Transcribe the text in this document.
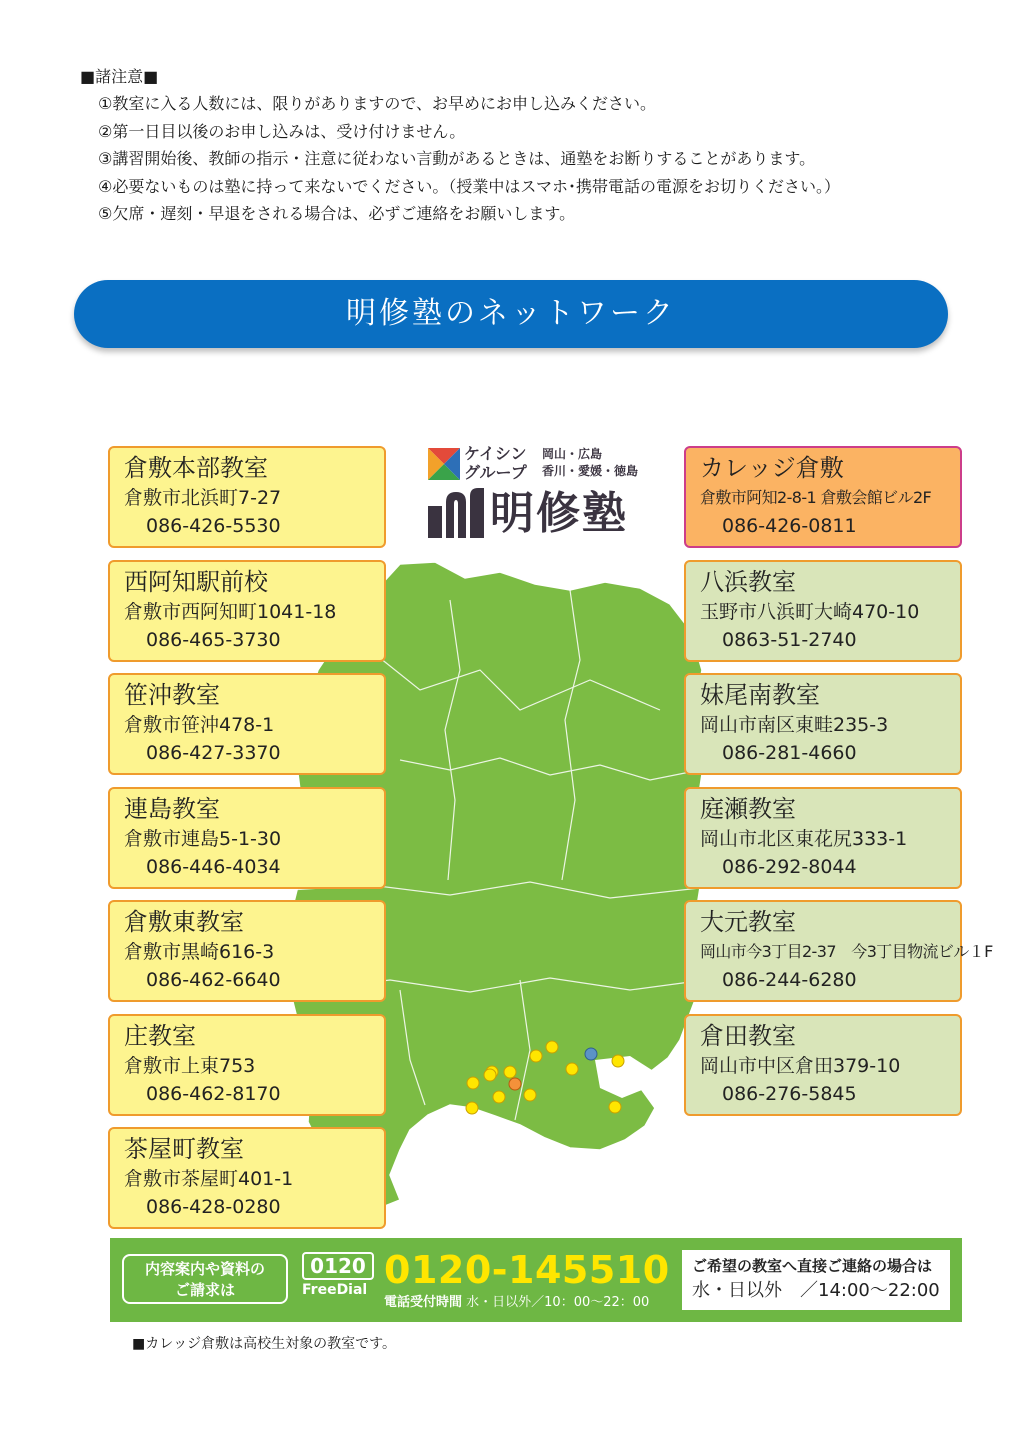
■諸注意■
①教室に入る人数には、限りがありますので、お早めにお申し込みください。
②第一日目以後のお申し込みは、受け付けません。
③講習開始後、教師の指示・注意に従わない言動があるときは、通塾をお断りすることがあります。
④必要ないものは塾に持って来ないでください。（授業中はスマホ･携帯電話の電源をお切りください。）
⑤欠席・遅刻・早退をされる場合は、必ずご連絡をお願いします。
明修塾のネットワーク
ケイシン
グループ
岡山・広島
香川・愛媛・徳島
明修塾
倉敷本部教室
倉敷市北浜町7-27
086-426-5530
西阿知駅前校
倉敷市西阿知町1041-18
086-465-3730
笹沖教室
倉敷市笹沖478-1
086-427-3370
連島教室
倉敷市連島5-1-30
086-446-4034
倉敷東教室
倉敷市黒崎616-3
086-462-6640
庄教室
倉敷市上東753
086-462-8170
茶屋町教室
倉敷市茶屋町401-1
086-428-0280
カレッジ倉敷
倉敷市阿知2-8-1 倉敷会館ビル2F
086-426-0811
八浜教室
玉野市八浜町大崎470-10
0863-51-2740
妹尾南教室
岡山市南区東畦235-3
086-281-4660
庭瀬教室
岡山市北区東花尻333-1
086-292-8044
大元教室
岡山市今3丁目2-37　今3丁目物流ビル１F
086-244-6280
倉田教室
岡山市中区倉田379-10
086-276-5845
内容案内や資料の
ご請求は
0120
FreeDial 0120-145510
電話受付時間 水・日以外／10：00〜22：00
ご希望の教室へ直接ご連絡の場合は
水・日以外　／14:00〜22:00
■カレッジ倉敷は高校生対象の教室です。
